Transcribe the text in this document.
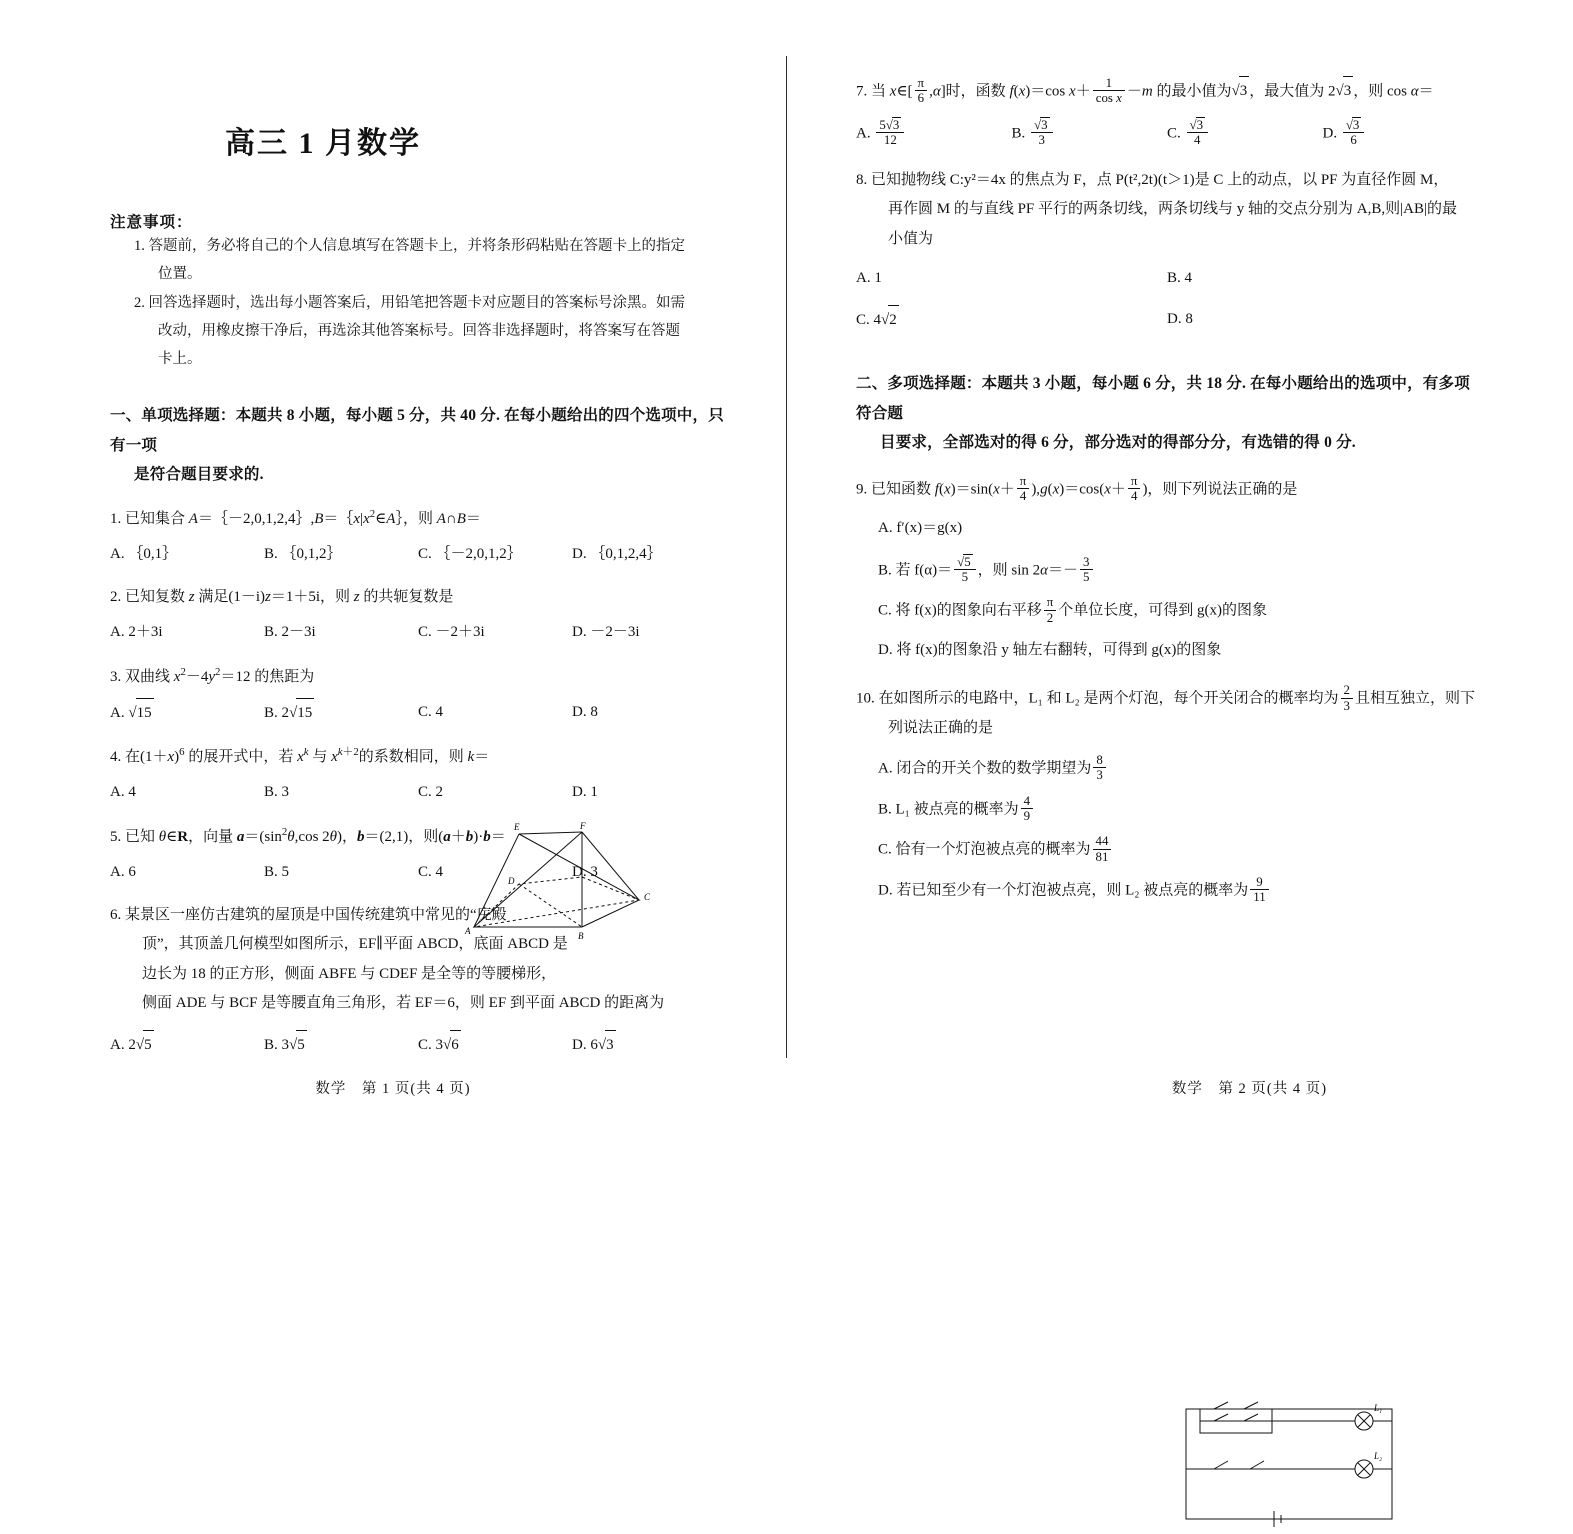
高三 1 月数学
注意事项：
1. 答题前，务必将自己的个人信息填写在答题卡上，并将条形码粘贴在答题卡上的指定
位置。
2. 回答选择题时，选出每小题答案后，用铅笔把答题卡对应题目的答案标号涂黑。如需
改动，用橡皮擦干净后，再选涂其他答案标号。回答非选择题时，将答案写在答题
卡上。
一、单项选择题：本题共 8 小题，每小题 5 分，共 40 分. 在每小题给出的四个选项中，只有一项
是符合题目要求的.
1. 已知集合 $A=\{-2,0,1,2,4\},B=\{x|x^2\in A\}$，则 A∩B＝
A. ｛0,1｝	B. ｛0,1,2｝	C. ｛－2,0,1,2｝	D. ｛0,1,2,4｝
2. 已知复数 z 满足(1－i)z＝1＋5i，则 z 的共轭复数是
A. 2＋3i	B. 2－3i	C. －2＋3i	D. －2－3i
3. 双曲线 $x^2-4y^2=12$ 的焦距为
A. √15	B. 2√15	C. 4	D. 8
4. 在$(1+x)^6$ 的展开式中，若 $x^k$ 与 $x^{k+2}$的系数相同，则 k＝
A. 4	B. 3	C. 2	D. 1
5. 已知 θ∈R，向量 $a=(\sin^2\theta,\cos$ 2θ)，b＝(2,1)，则(a＋b)·b＝
A. 6	B. 5	C. 4	D. 3
6. 某景区一座仿古建筑的屋顶是中国传统建筑中常见的“庑殿
顶”，其顶盖几何模型如图所示，EF∥平面 ABCD，底面 ABCD 是
边长为 18 的正方形，侧面 ABFE 与 CDEF 是全等的等腰梯形，
侧面 ADE 与 BCF 是等腰直角三角形，若 EF＝6，则 EF 到平面 ABCD 的距离为
A. 2√5	B. 3√5	C. 3√6	D. 6√3
E	F
D
C
A	B
数学　第 1 页(共 4 页)
7. 当 x∈[ $\frac{\pi}{6} ,\alpha$]时，函数 f(x)＝cos $x+ \frac{1}{\text{cos x}} -m$ 的最小值为√3 ，最大值为 2√3 ，则 cos α＝
A. $\frac{5√3}{12}$	B. $\frac{√3}{3}$	C. $\frac{√3}{4}$	D. $\frac{√3}{6}$
8. 已知抛物线 C:y²＝4x 的焦点为 F，点 P(t²,2t)(t＞1)是 C 上的动点，以 PF 为直径作圆 M，
再作圆 M 的与直线 PF 平行的两条切线，两条切线与 y 轴的交点分别为 A,B,则|AB|的最
小值为
A. 1	B. 4
C. 4√2	D. 8
二、多项选择题：本题共 3 小题，每小题 6 分，共 18 分. 在每小题给出的选项中，有多项符合题
目要求，全部选对的得 6 分，部分选对的得部分分，有选错的得 0 分.
9. 已知函数 $f(x)=\sin(x+ \frac{\pi}{4} ),g(x)=\cos(x+ \frac{\pi}{4}$ )，则下列说法正确的是
A. f′(x)＝g(x)
B. 若 $f(\alpha)= \frac{√5}{5}$ ，则 $\sin 2\alpha=- \frac{3}{5}$
C. 将 f(x)的图象向右平移 $\frac{\pi}{2}$ 个单位长度，可得到 g(x)的图象
D. 将 f(x)的图象沿 y 轴左右翻转，可得到 g(x)的图象
10. 在如图所示的电路中，L₁ 和 L₂ 是两个灯泡，每个开关闭合的概率均为 $\frac{2}{3}$ 且相互独立，则下
列说法正确的是
A. 闭合的开关个数的数学期望为 $\frac{8}{3}$
B. L₁ 被点亮的概率为 $\frac{4}{9}$
C. 恰有一个灯泡被点亮的概率为 $\frac{44}{81}$
D. 若已知至少有一个灯泡被点亮，则 L₂ 被点亮的概率为 $\frac{9}{11}$
L₁
L₂
数学　第 2 页(共 4 页)
